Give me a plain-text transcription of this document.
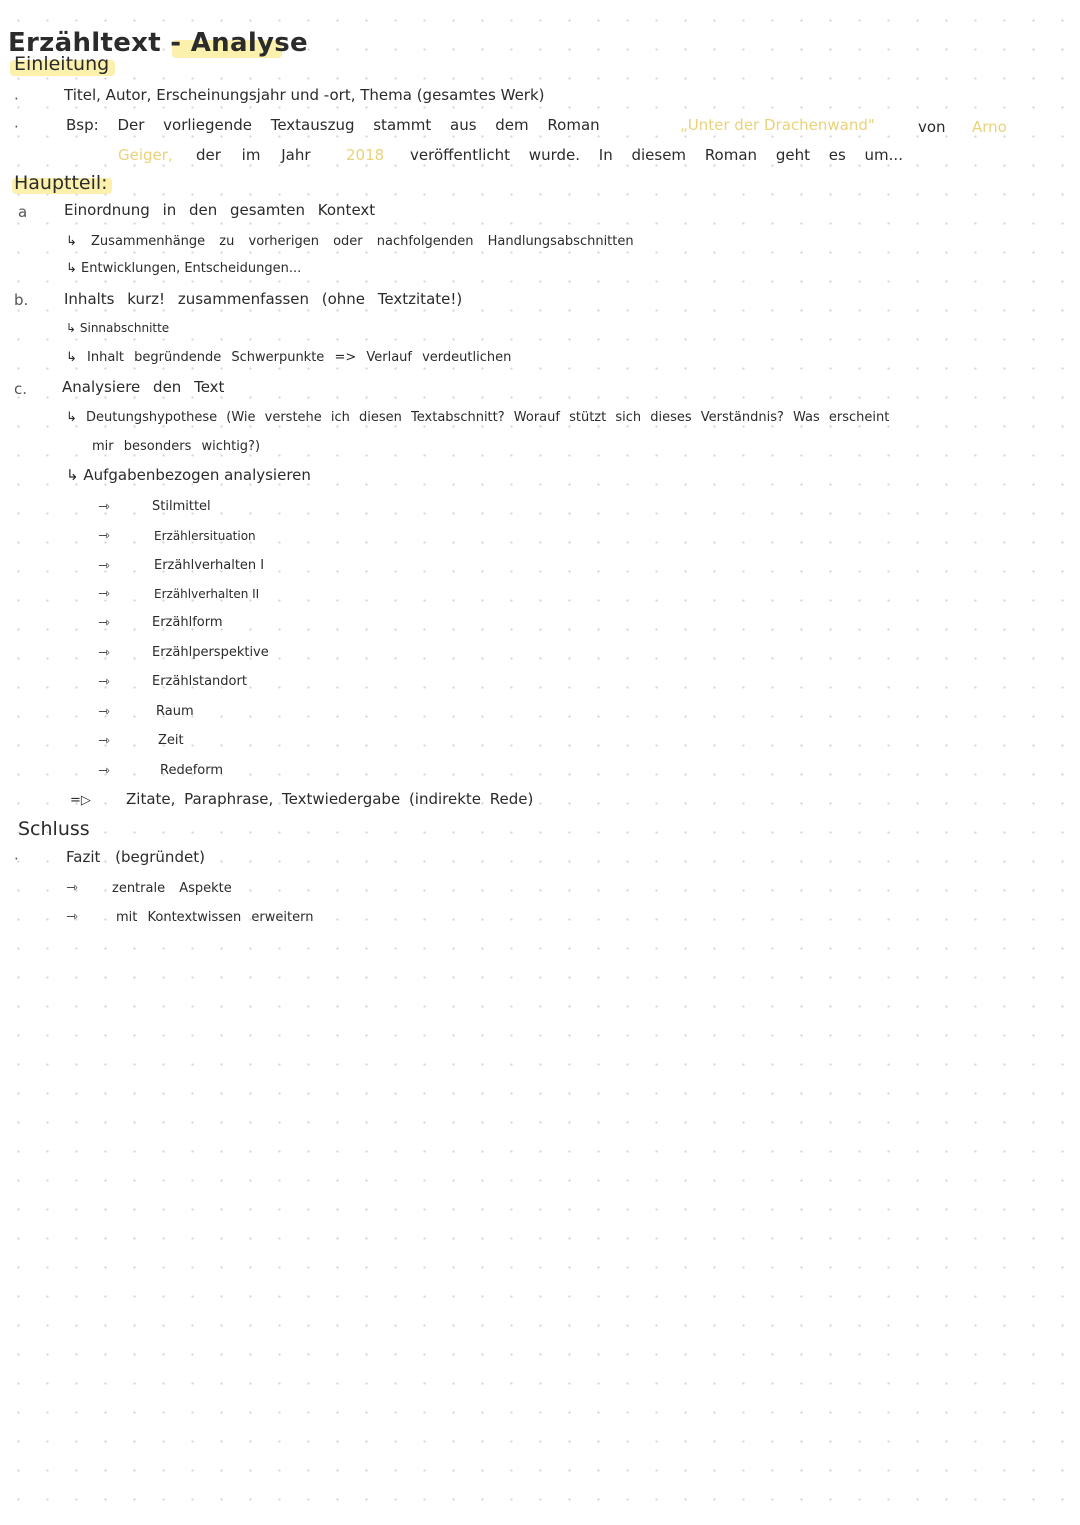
Erzähltext - Analyse
Einleitung
·	Titel, Autor, Erscheinungsjahr und -ort, Thema (gesamtes Werk)
·	Bsp: Der vorliegende Textauszug stammt aus dem Roman	„Unter der Drachenwand"	von Arno
Geiger, der im Jahr 2018 veröffentlicht wurde. In diesem Roman geht es um...
Hauptteil:
a Einordnung in den gesamten Kontext
↳ Zusammenhänge zu vorherigen oder nachfolgenden Handlungsabschnitten
↳ Entwicklungen, Entscheidungen...
b. Inhalts kurz! zusammenfassen (ohne Textzitate!)
↳ Sinnabschnitte
↳ Inhalt begründende Schwerpunkte => Verlauf verdeutlichen
c. Analysiere den Text
↳ Deutungshypothese (Wie verstehe ich diesen Textabschnitt? Worauf stützt sich dieses Verständnis? Was erscheint
mir besonders wichtig?)
↳ Aufgabenbezogen analysieren
⇾	Stilmittel
⇾	Erzählersituation
⇾	Erzählverhalten I
⇾	Erzählverhalten II
⇾	Erzählform
⇾	Erzählperspektive
⇾	Erzählstandort
⇾	Raum
⇾	Zeit
⇾	Redeform
=▷ Zitate, Paraphrase, Textwiedergabe (indirekte Rede)
Schluss
·	Fazit (begründet)
⇾	zentrale Aspekte
⇾	mit Kontextwissen erweitern
